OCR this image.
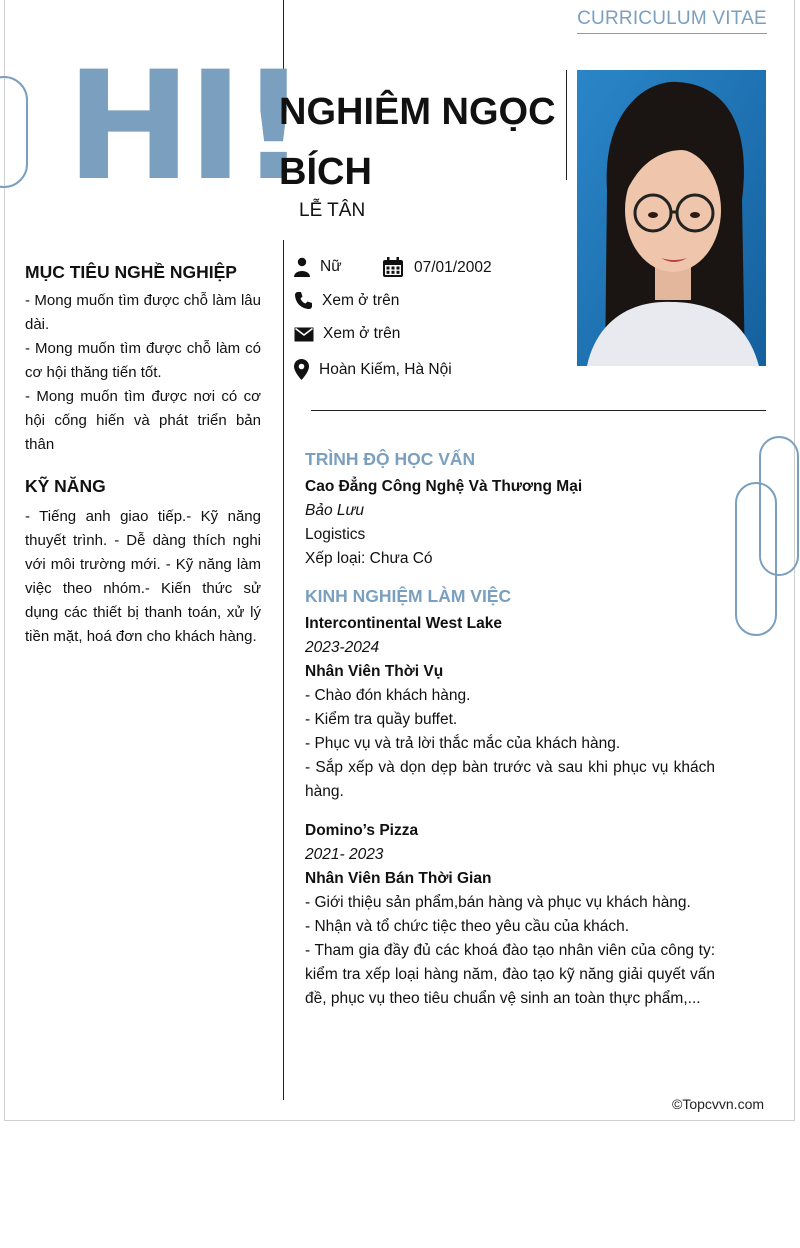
CURRICULUM VITAE
HI!
NGHIÊM NGỌC BÍCH
LỄ TÂN

MỤC TIÊU NGHỀ NGHIỆP

- Mong muốn tìm được chỗ làm lâu dài.

- Mong muốn tìm được chỗ làm có cơ hội thăng tiến tốt.

- Mong muốn tìm được nơi có cơ hội cống hiến và phát triển bản thân

KỸ NĂNG

- Tiếng anh giao tiếp.- Kỹ năng thuyết trình. - Dễ dàng thích nghi với môi trường mới. - Kỹ năng làm việc theo nhóm.- Kiến thức sử dụng các thiết bị thanh toán, xử lý tiền mặt, hoá đơn cho khách hàng.

Nữ	07/01/2002
Xem ở trên
Xem ở trên
Hoàn Kiếm, Hà Nội
TRÌNH ĐỘ HỌC VẤN
Cao Đẳng Công Nghệ Và Thương Mại
Bảo Lưu
Logistics
Xếp loại: Chưa Có
KINH NGHIỆM LÀM VIỆC
Intercontinental West Lake
2023-2024
Nhân Viên Thời Vụ
- Chào đón khách hàng.
- Kiểm tra quầy buffet.
- Phục vụ và trả lời thắc mắc của khách hàng.
- Sắp xếp và dọn dẹp bàn trước và sau khi phục vụ khách hàng.
Domino’s Pizza
2021- 2023
Nhân Viên Bán Thời Gian
- Giới thiệu sản phẩm,bán hàng và phục vụ khách hàng.
- Nhận và tổ chức tiệc theo yêu cầu của khách.
- Tham gia đầy đủ các khoá đào tạo nhân viên của công ty: kiểm tra xếp loại hàng năm, đào tạo kỹ năng giải quyết vấn đề, phục vụ theo tiêu chuẩn vệ sinh an toàn thực phẩm,...
©Topcvvn.com
